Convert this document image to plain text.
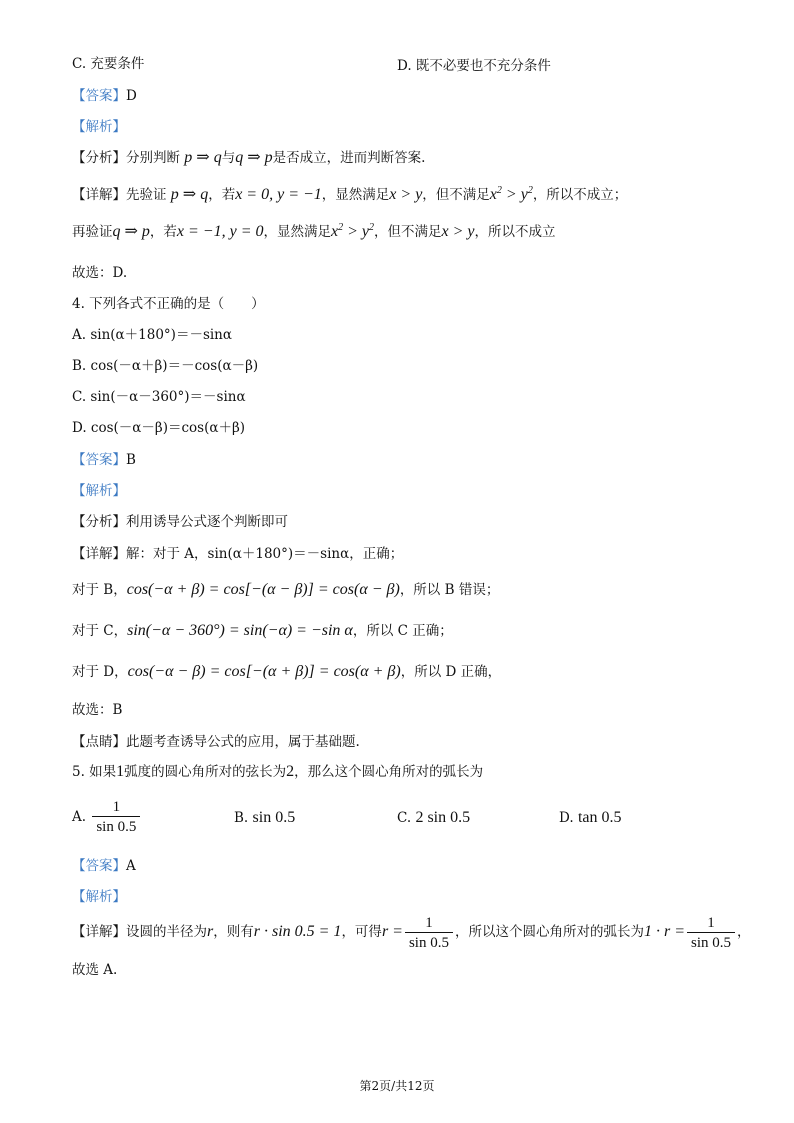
C. 充要条件	D. 既不必要也不充分条件
【答案】D
【解析】
【分析】分别判断 p ⇒ q与q ⇒ p是否成立，进而判断答案.
【详解】先验证 p ⇒ q，若x = 0, y = −1，显然满足x > y，但不满足$x^2 > y^2$，所以不成立；
再验证q ⇒ p，若x = −1, y = 0，显然满足$x^2 > y^2$，但不满足x > y，所以不成立
故选：D.
4. 下列各式不正确的是（　　）
A. sin(α＋180°)＝－sinα
B. cos(－α＋β)＝－cos(α－β)
C. sin(－α－360°)＝－sinα
D. cos(－α－β)＝cos(α＋β)
【答案】B
【解析】
【分析】利用诱导公式逐个判断即可
【详解】解：对于 A，sin(α＋180°)＝－sinα，正确；
对于 B，cos(−α + β) = cos[−(α − β)] = cos(α − β)，所以 B 错误；
对于 C，sin(−α − 360°) = sin(−α) = −sin α，所以 C 正确；
对于 D，cos(−α − β) = cos[−(α + β)] = cos(α + β)，所以 D 正确，
故选：B
【点睛】此题考查诱导公式的应用，属于基础题.
5. 如果1弧度的圆心角所对的弦长为2，那么这个圆心角所对的弧长为
A. $\frac{1}{\sin 0.5}$	B. sin 0.5	C. 2 sin 0.5	D. tan 0.5
【答案】A
【解析】
【详解】设圆的半径为r，则有r · sin 0.5 = 1，可得$r = \frac{1}{\sin 0.5}$ ，所以这个圆心角所对的弧长为$1 \cdot r = \frac{1}{\sin 0.5}$ ，
故选 A.
第2页/共12页
